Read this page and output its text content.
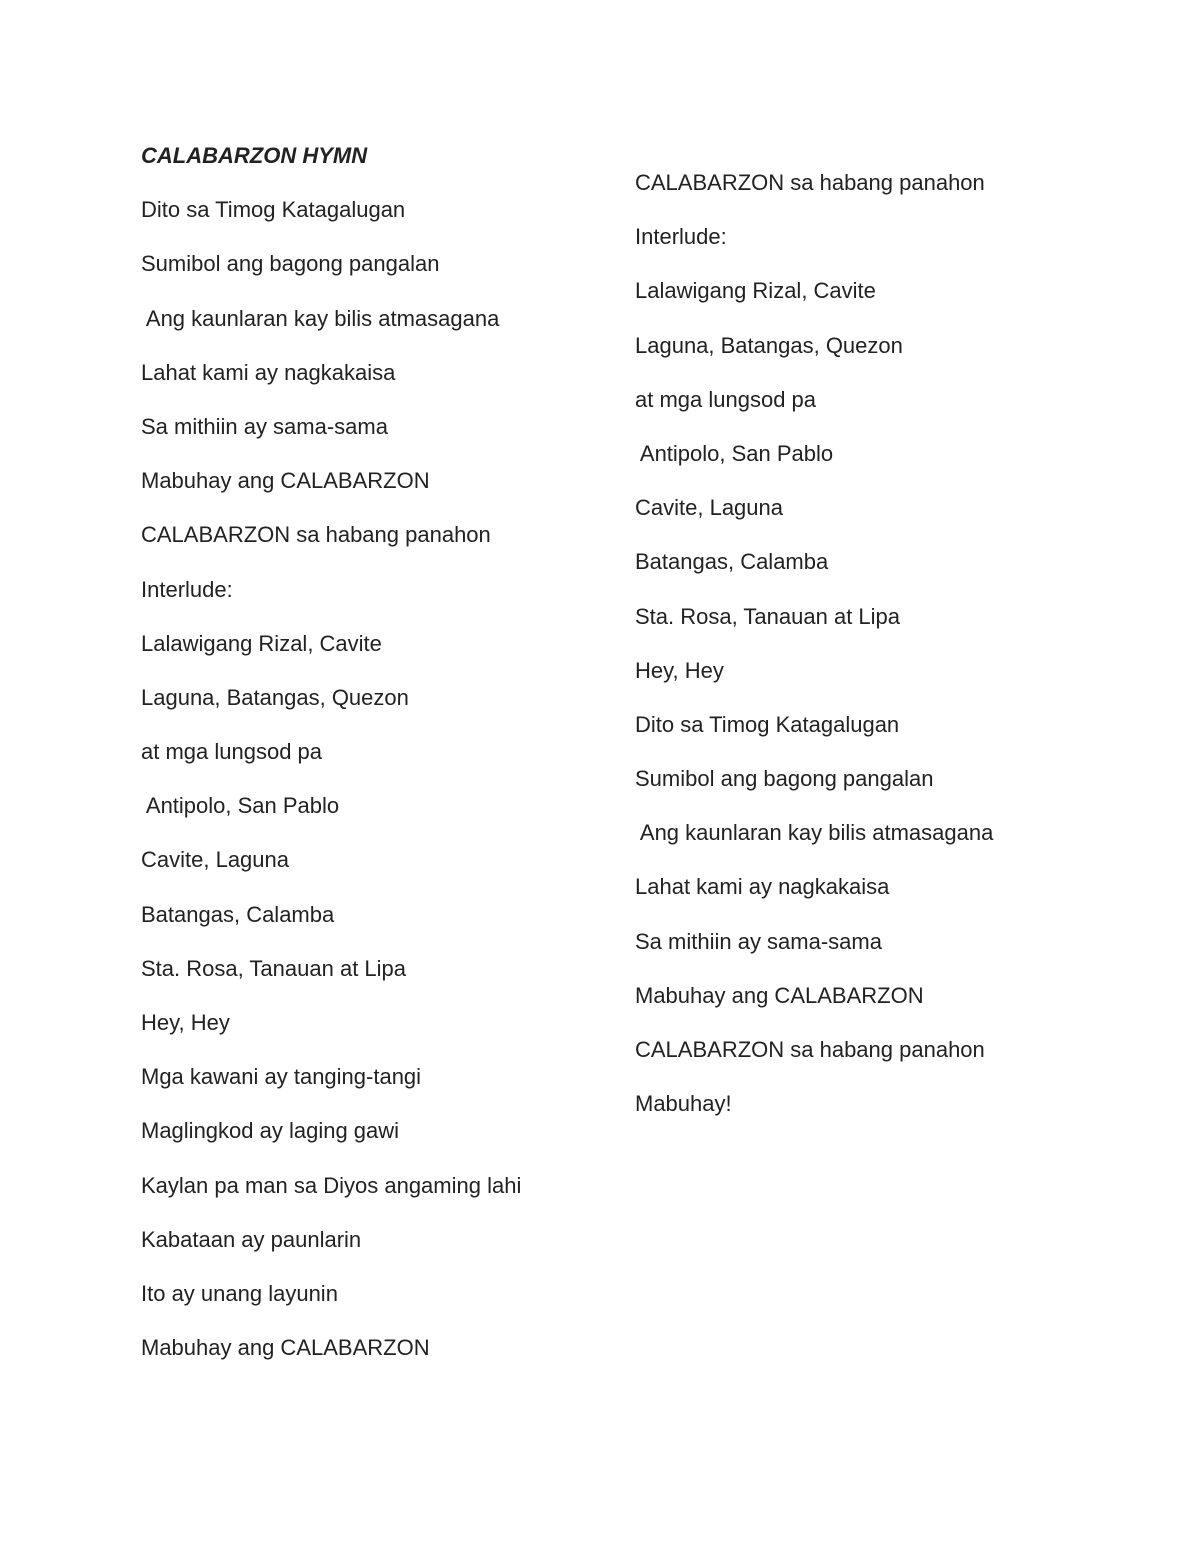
CALABARZON HYMN
Dito sa Timog Katagalugan
Sumibol ang bagong pangalan
Ang kaunlaran kay bilis atmasagana
Lahat kami ay nagkakaisa
Sa mithiin ay sama-sama
Mabuhay ang CALABARZON
CALABARZON sa habang panahon
Interlude:
Lalawigang Rizal, Cavite
Laguna, Batangas, Quezon
at mga lungsod pa
Antipolo, San Pablo
Cavite, Laguna
Batangas, Calamba
Sta. Rosa, Tanauan at Lipa
Hey, Hey
Mga kawani ay tanging-tangi
Maglingkod ay laging gawi
Kaylan pa man sa Diyos angaming lahi
Kabataan ay paunlarin
Ito ay unang layunin
Mabuhay ang CALABARZON
CALABARZON sa habang panahon
Interlude:
Lalawigang Rizal, Cavite
Laguna, Batangas, Quezon
at mga lungsod pa
Antipolo, San Pablo
Cavite, Laguna
Batangas, Calamba
Sta. Rosa, Tanauan at Lipa
Hey, Hey
Dito sa Timog Katagalugan
Sumibol ang bagong pangalan
Ang kaunlaran kay bilis atmasagana
Lahat kami ay nagkakaisa
Sa mithiin ay sama-sama
Mabuhay ang CALABARZON
CALABARZON sa habang panahon
Mabuhay!
